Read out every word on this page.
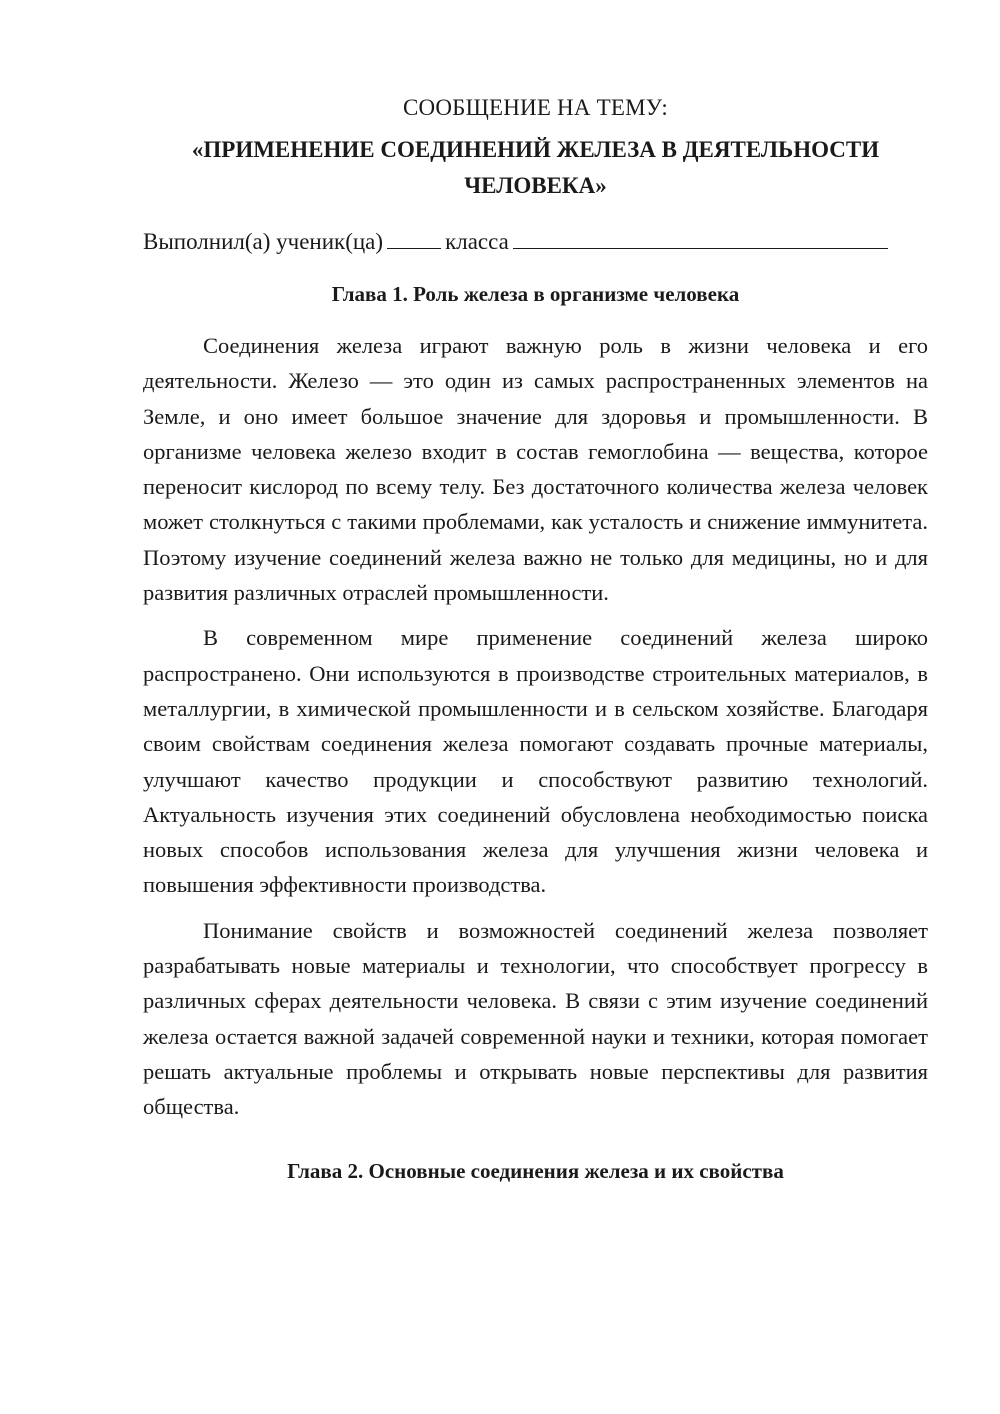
СООБЩЕНИЕ НА ТЕМУ:
«ПРИМЕНЕНИЕ СОЕДИНЕНИЙ ЖЕЛЕЗА В ДЕЯТЕЛЬНОСТИ ЧЕЛОВЕКА»
Выполнил(а) ученик(ца)	класса
Глава 1. Роль железа в организме человека

Соединения железа играют важную роль в жизни человека и его деятельности. Железо — это один из самых распространенных элементов на Земле, и оно имеет большое значение для здоровья и промышленности. В организме человека железо входит в состав гемоглобина — вещества, которое переносит кислород по всему телу. Без достаточного количества железа человек может столкнуться с такими проблемами, как усталость и снижение иммунитета. Поэтому изучение соединений железа важно не только для медицины, но и для развития различных отраслей промышленности.

В современном мире применение соединений железа широко распространено. Они используются в производстве строительных материалов, в металлургии, в химической промышленности и в сельском хозяйстве. Благодаря своим свойствам соединения железа помогают создавать прочные материалы, улучшают качество продукции и способствуют развитию технологий. Актуальность изучения этих соединений обусловлена необходимостью поиска новых способов использования железа для улучшения жизни человека и повышения эффективности производства.

Понимание свойств и возможностей соединений железа позволяет разрабатывать новые материалы и технологии, что способствует прогрессу в различных сферах деятельности человека. В связи с этим изучение соединений железа остается важной задачей современной науки и техники, которая помогает решать актуальные проблемы и открывать новые перспективы для развития общества.

Глава 2. Основные соединения железа и их свойства
